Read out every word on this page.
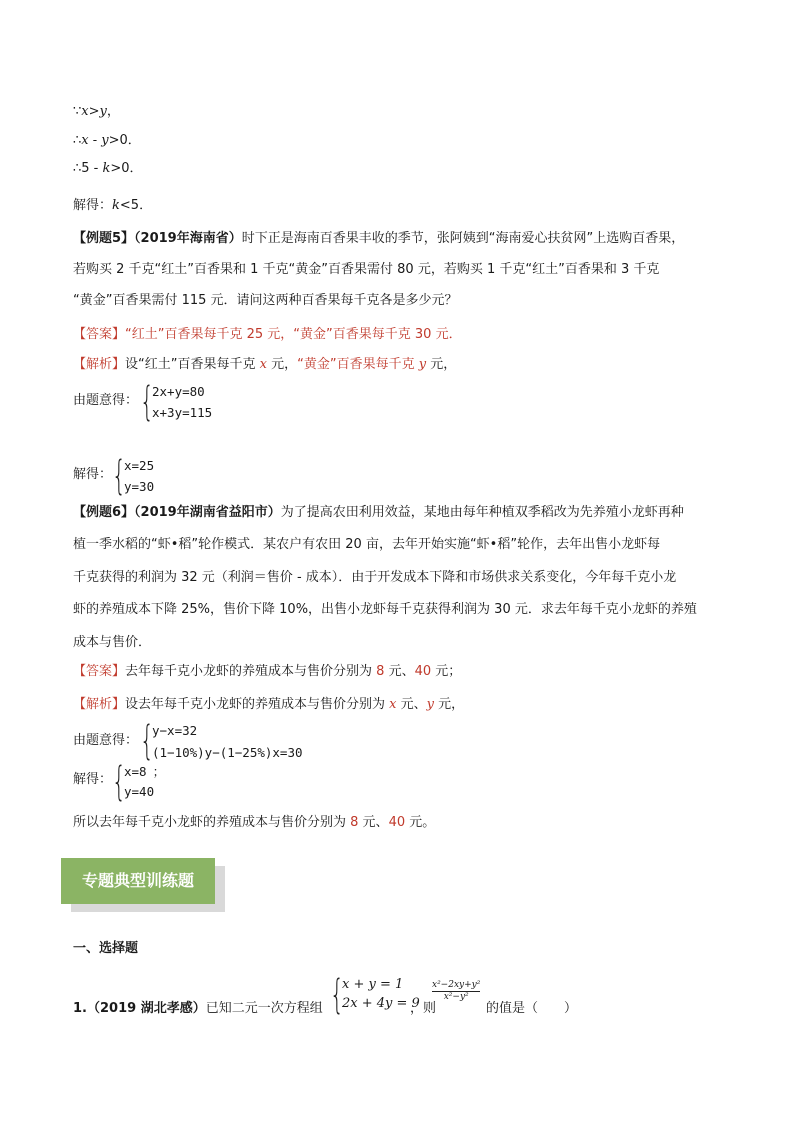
∵x>y，
∴x - y>0．
∴5 - k>0．
解得：k<5．
【例题5】（2019年海南省）时下正是海南百香果丰收的季节，张阿姨到“海南爱心扶贫网”上选购百香果，
若购买 2 千克“红土”百香果和 1 千克“黄金”百香果需付 80 元，若购买 1 千克“红土”百香果和 3 千克
“黄金”百香果需付 115 元．请问这两种百香果每千克各是多少元？
【答案】“红土”百香果每千克 25 元，“黄金”百香果每千克 30 元．
【解析】设“红土”百香果每千克 x 元，“黄金”百香果每千克 y 元，
由题意得： {
2x+y=80
x+3y=115
解得： {
x=25
y=30
【例题6】（2019年湖南省益阳市）为了提高农田利用效益，某地由每年种植双季稻改为先养殖小龙虾再种
植一季水稻的“虾•稻”轮作模式．某农户有农田 20 亩，去年开始实施“虾•稻”轮作，去年出售小龙虾每
千克获得的利润为 32 元（利润＝售价 - 成本）．由于开发成本下降和市场供求关系变化，今年每千克小龙
虾的养殖成本下降 25%，售价下降 10%，出售小龙虾每千克获得利润为 30 元．求去年每千克小龙虾的养殖
成本与售价．
【答案】去年每千克小龙虾的养殖成本与售价分别为 8 元、40 元；
【解析】设去年每千克小龙虾的养殖成本与售价分别为 x 元、y 元，
由题意得： {
y−x=32
(1−10%)y−(1−25%)x=30
解得： {
x=8 ；
y=40
所以去年每千克小龙虾的养殖成本与售价分别为 8 元、40 元。
专题典型训练题
一、选择题
1.（2019 湖北孝感）已知二元一次方程组 {
x + y = 1
2x + 4y = 9
，则
$\frac{\text{x²−2xy+y²}}{\text{x²−y²}}$
的值是（　　）
